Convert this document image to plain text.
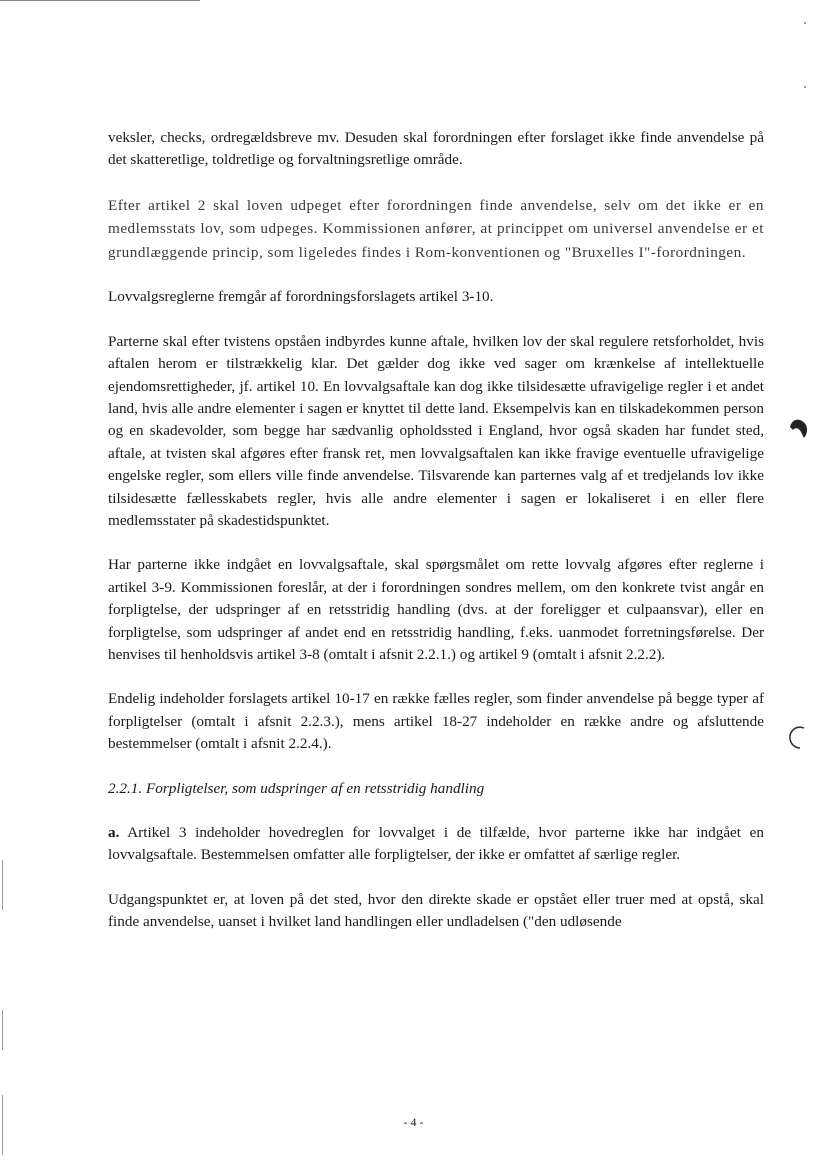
veksler, checks, ordregældsbreve mv. Desuden skal forordningen efter forslaget ikke finde anvendelse på det skatteretlige, toldretlige og forvaltningsretlige område.

Efter artikel 2 skal loven udpeget efter forordningen finde anvendelse, selv om det ikke er en medlemsstats lov, som udpeges. Kommissionen anfører, at princippet om universel anvendelse er et grundlæggende princip, som ligeledes findes i Rom-konventionen og "Bruxelles I"-forordningen.

Lovvalgsreglerne fremgår af forordningsforslagets artikel 3-10.

Parterne skal efter tvistens opståen indbyrdes kunne aftale, hvilken lov der skal regulere retsforholdet, hvis aftalen herom er tilstrækkelig klar. Det gælder dog ikke ved sager om krænkelse af intellektuelle ejendomsrettigheder, jf. artikel 10. En lovvalgsaftale kan dog ikke tilsidesætte ufravigelige regler i et andet land, hvis alle andre elementer i sagen er knyttet til dette land. Eksempelvis kan en tilskadekommen person og en skadevolder, som begge har sædvanlig opholdssted i England, hvor også skaden har fundet sted, aftale, at tvisten skal afgøres efter fransk ret, men lovvalgsaftalen kan ikke fravige eventuelle ufravigelige engelske regler, som ellers ville finde anvendelse. Tilsvarende kan parternes valg af et tredjelands lov ikke tilsidesætte fællesskabets regler, hvis alle andre elementer i sagen er lokaliseret i en eller flere medlemsstater på skadestidspunktet.

Har parterne ikke indgået en lovvalgsaftale, skal spørgsmålet om rette lovvalg afgøres efter reglerne i artikel 3-9. Kommissionen foreslår, at der i forordningen sondres mellem, om den konkrete tvist angår en forpligtelse, der udspringer af en retsstridig handling (dvs. at der foreligger et culpaansvar), eller en forpligtelse, som udspringer af andet end en retsstridig handling, f.eks. uanmodet forretningsførelse. Der henvises til henholdsvis artikel 3-8 (omtalt i afsnit 2.2.1.) og artikel 9 (omtalt i afsnit 2.2.2).

Endelig indeholder forslagets artikel 10-17 en række fælles regler, som finder anvendelse på begge typer af forpligtelser (omtalt i afsnit 2.2.3.), mens artikel 18-27 indeholder en række andre og afsluttende bestemmelser (omtalt i afsnit 2.2.4.).

2.2.1. Forpligtelser, som udspringer af en retsstridig handling

a. Artikel 3 indeholder hovedreglen for lovvalget i de tilfælde, hvor parterne ikke har indgået en lovvalgsaftale. Bestemmelsen omfatter alle forpligtelser, der ikke er omfattet af særlige regler.

Udgangspunktet er, at loven på det sted, hvor den direkte skade er opstået eller truer med at opstå, skal finde anvendelse, uanset i hvilket land handlingen eller undladelsen ("den udløsende

- 4 -
